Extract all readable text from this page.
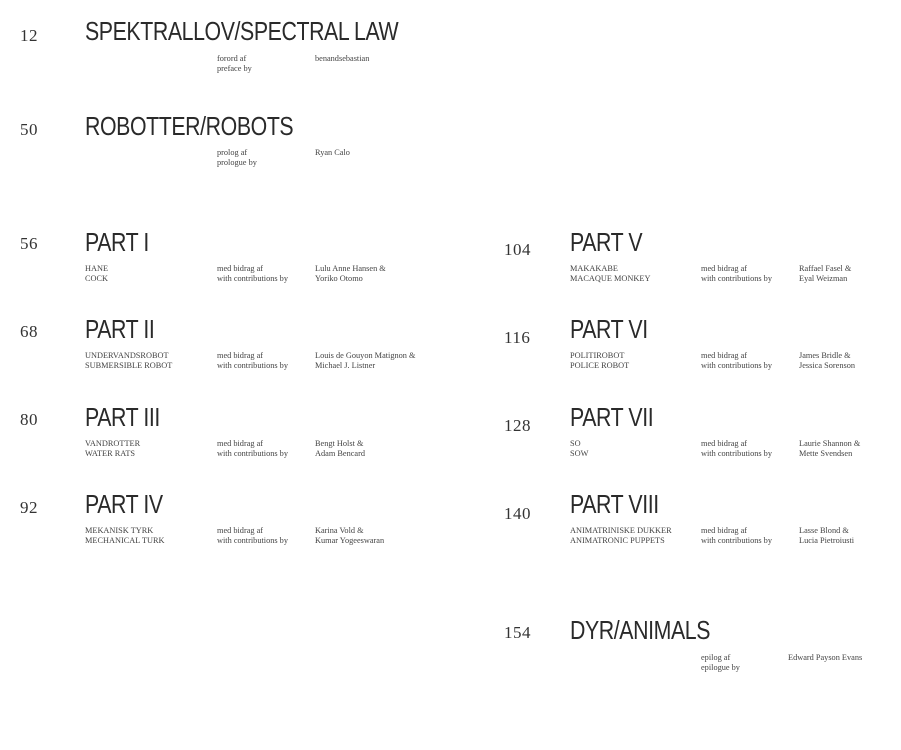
12 SPEKTRALLOV/SPECTRAL LAW
forord af
preface by
benandsebastian
50 ROBOTTER/ROBOTS
prolog af
prologue by
Ryan Calo
56 PART I
HANE
COCK
med bidrag af
with contributions by
Lulu Anne Hansen &
Yoriko Otomo
68 PART II
UNDERVANDSROBOT
SUBMERSIBLE ROBOT
med bidrag af
with contributions by
Louis de Gouyon Matignon &
Michael J. Listner
80 PART III
VANDROTTER
WATER RATS
med bidrag af
with contributions by
Bengt Holst &
Adam Bencard
92 PART IV
MEKANISK TYRK
MECHANICAL TURK
med bidrag af
with contributions by
Karina Vold &
Kumar Yogeeswaran
104 PART V
MAKAKABE
MACAQUE MONKEY
med bidrag af
with contributions by
Raffael Fasel &
Eyal Weizman
116 PART VI
POLITIROBOT
POLICE ROBOT
med bidrag af
with contributions by
James Bridle &
Jessica Sorenson
128 PART VII
SO
SOW
med bidrag af
with contributions by
Laurie Shannon &
Mette Svendsen
140 PART VIII
ANIMATRINISKE DUKKER
ANIMATRONIC PUPPETS
med bidrag af
with contributions by
Lasse Blond &
Lucia Pietroiusti
154 DYR/ANIMALS
epilog af
epilogue by
Edward Payson Evans
